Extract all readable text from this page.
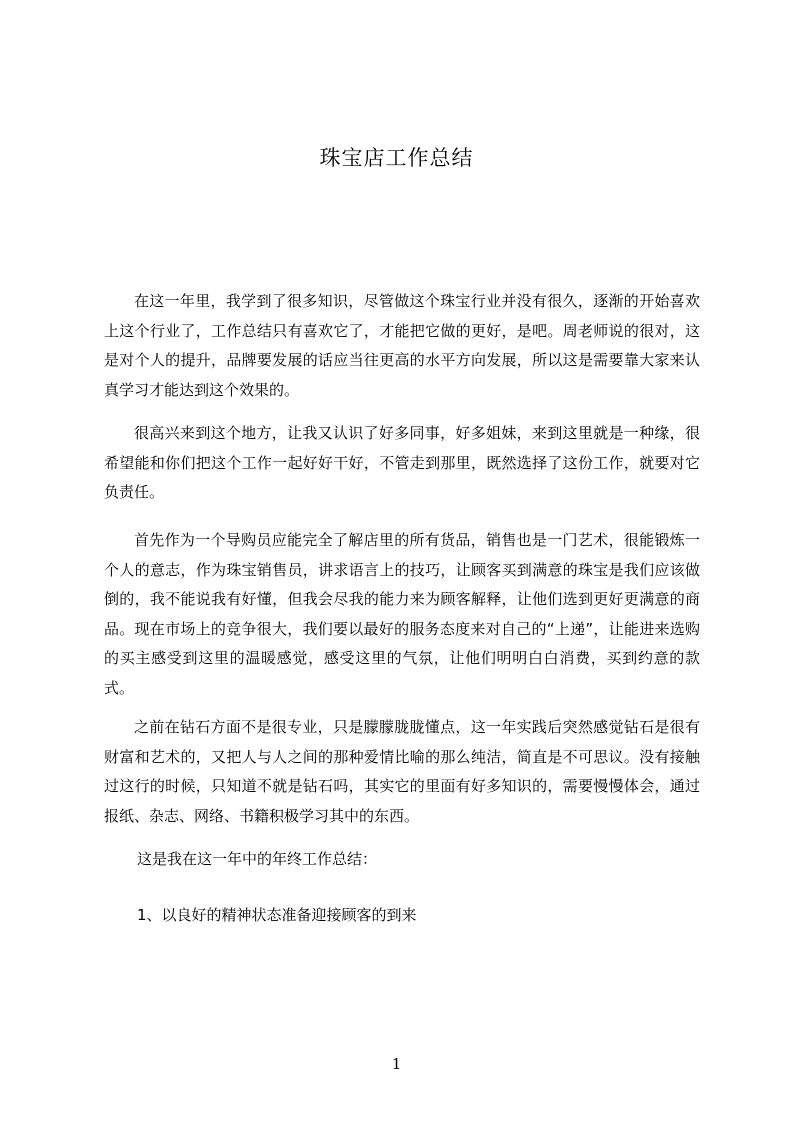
珠宝店工作总结

在这一年里，我学到了很多知识，尽管做这个珠宝行业并没有很久，逐渐的开始喜欢上这个行业了，工作总结只有喜欢它了，才能把它做的更好，是吧。周老师说的很对，这是对个人的提升，品牌要发展的话应当往更高的水平方向发展，所以这是需要靠大家来认真学习才能达到这个效果的。

很高兴来到这个地方，让我又认识了好多同事，好多姐妹，来到这里就是一种缘，很希望能和你们把这个工作一起好好干好，不管走到那里，既然选择了这份工作，就要对它负责任。

首先作为一个导购员应能完全了解店里的所有货品，销售也是一门艺术，很能锻炼一个人的意志，作为珠宝销售员，讲求语言上的技巧，让顾客买到满意的珠宝是我们应该做倒的，我不能说我有好懂，但我会尽我的能力来为顾客解释，让他们选到更好更满意的商品。现在市场上的竞争很大，我们要以最好的服务态度来对自己的“上递”，让能进来选购的买主感受到这里的温暖感觉，感受这里的气氛，让他们明明白白消费，买到约意的款式。

之前在钻石方面不是很专业，只是朦朦胧胧懂点，这一年实践后突然感觉钻石是很有财富和艺术的，又把人与人之间的那种爱情比喻的那么纯洁，简直是不可思议。没有接触过这行的时候，只知道不就是钻石吗，其实它的里面有好多知识的，需要慢慢体会，通过报纸、杂志、网络、书籍积极学习其中的东西。

这是我在这一年中的年终工作总结：
1、以良好的精神状态准备迎接顾客的到来
1
